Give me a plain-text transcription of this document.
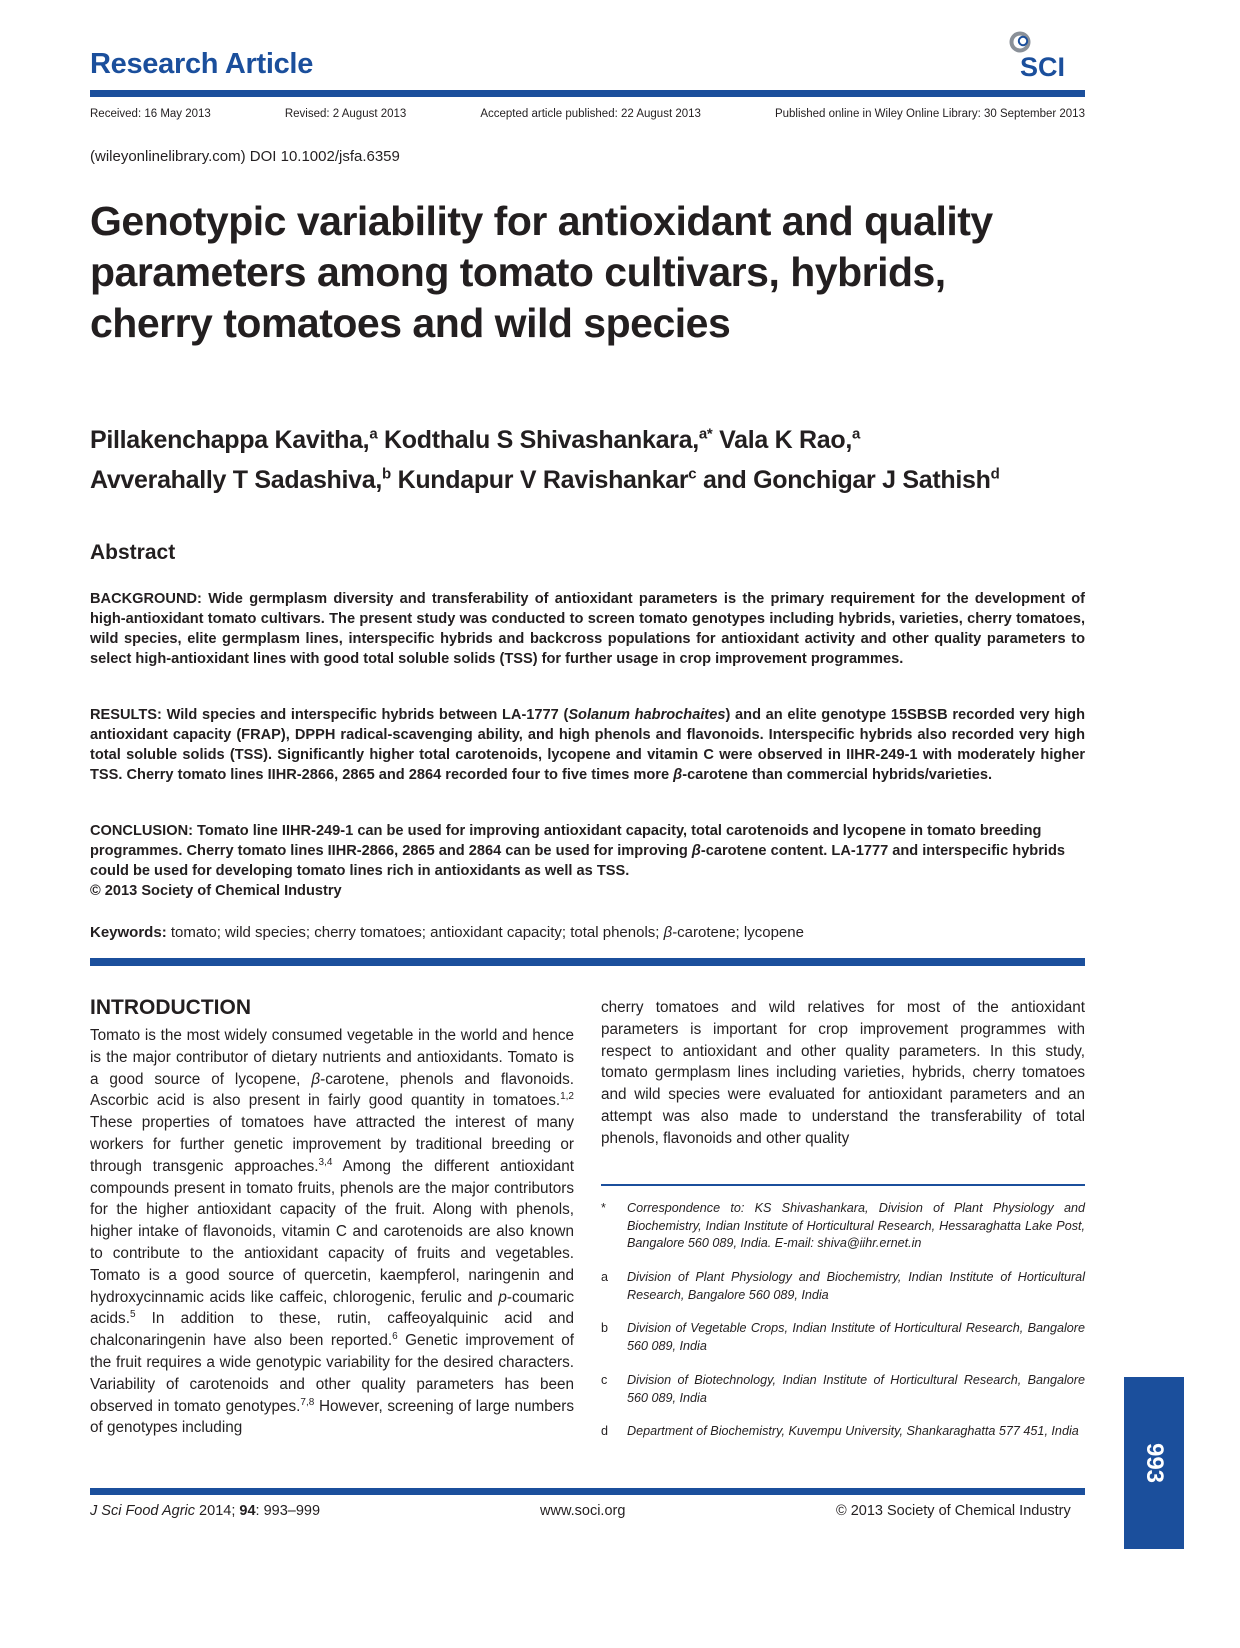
Research Article	SCI
Received: 16 May 2013	Revised: 2 August 2013	Accepted article published: 22 August 2013	Published online in Wiley Online Library: 30 September 2013
(wileyonlinelibrary.com) DOI 10.1002/jsfa.6359
Genotypic variability for antioxidant and quality parameters among tomato cultivars, hybrids, cherry tomatoes and wild species
Pillakenchappa Kavitha,$^a$ Kodthalu S Shivashankara,$^{a*}$ Vala K Rao,$^a$
Avverahally T Sadashiva,$^b$ Kundapur V Ravishankar$^c$ and Gonchigar J Sathish$^d$
Abstract

BACKGROUND: Wide germplasm diversity and transferability of antioxidant parameters is the primary requirement for the development of high-antioxidant tomato cultivars. The present study was conducted to screen tomato genotypes including hybrids, varieties, cherry tomatoes, wild species, elite germplasm lines, interspecific hybrids and backcross populations for antioxidant activity and other quality parameters to select high-antioxidant lines with good total soluble solids (TSS) for further usage in crop improvement programmes.

RESULTS: Wild species and interspecific hybrids between LA-1777 (Solanum habrochaites) and an elite genotype 15SBSB recorded very high antioxidant capacity (FRAP), DPPH radical-scavenging ability, and high phenols and flavonoids. Interspecific hybrids also recorded very high total soluble solids (TSS). Significantly higher total carotenoids, lycopene and vitamin C were observed in IIHR-249-1 with moderately higher TSS. Cherry tomato lines IIHR-2866, 2865 and 2864 recorded four to five times more β-carotene than commercial hybrids/varieties.

CONCLUSION: Tomato line IIHR-249-1 can be used for improving antioxidant capacity, total carotenoids and lycopene in tomato breeding programmes. Cherry tomato lines IIHR-2866, 2865 and 2864 can be used for improving β-carotene content. LA-1777 and interspecific hybrids could be used for developing tomato lines rich in antioxidants as well as TSS.
© 2013 Society of Chemical Industry

Keywords: tomato; wild species; cherry tomatoes; antioxidant capacity; total phenols; β-carotene; lycopene
INTRODUCTION

Tomato is the most widely consumed vegetable in the world and hence is the major contributor of dietary nutrients and antioxidants. Tomato is a good source of lycopene, β-carotene, phenols and flavonoids. Ascorbic acid is also present in fairly good quantity in tomatoes.$^{1,2}$ These properties of tomatoes have attracted the interest of many workers for further genetic improvement by traditional breeding or through transgenic approaches.$^{3,4}$ Among the different antioxidant compounds present in tomato fruits, phenols are the major contributors for the higher antioxidant capacity of the fruit. Along with phenols, higher intake of flavonoids, vitamin C and carotenoids are also known to contribute to the antioxidant capacity of fruits and vegetables. Tomato is a good source of quercetin, kaempferol, naringenin and hydroxycinnamic acids like caffeic, chlorogenic, ferulic and p-coumaric acids.$^5$ In addition to these, rutin, caffeoyalquinic acid and chalconaringenin have also been reported.$^6$ Genetic improvement of the fruit requires a wide genotypic variability for the desired characters. Variability of carotenoids and other quality parameters has been observed in tomato genotypes.$^{7,8}$ However, screening of large numbers of genotypes including

cherry tomatoes and wild relatives for most of the antioxidant parameters is important for crop improvement programmes with respect to antioxidant and other quality parameters. In this study, tomato germplasm lines including varieties, hybrids, cherry tomatoes and wild species were evaluated for antioxidant parameters and an attempt was also made to understand the transferability of total phenols, flavonoids and other quality

*	Correspondence to: KS Shivashankara, Division of Plant Physiology and Biochemistry, Indian Institute of Horticultural Research, Hessaraghatta Lake Post, Bangalore 560 089, India. E-mail: shiva@iihr.ernet.in
a	Division of Plant Physiology and Biochemistry, Indian Institute of Horticultural Research, Bangalore 560 089, India
b	Division of Vegetable Crops, Indian Institute of Horticultural Research, Bangalore 560 089, India
c	Division of Biotechnology, Indian Institute of Horticultural Research, Bangalore 560 089, India
d	Department of Biochemistry, Kuvempu University, Shankaraghatta 577 451, India
993
J Sci Food Agric 2014; 94: 993–999	www.soci.org	© 2013 Society of Chemical Industry
